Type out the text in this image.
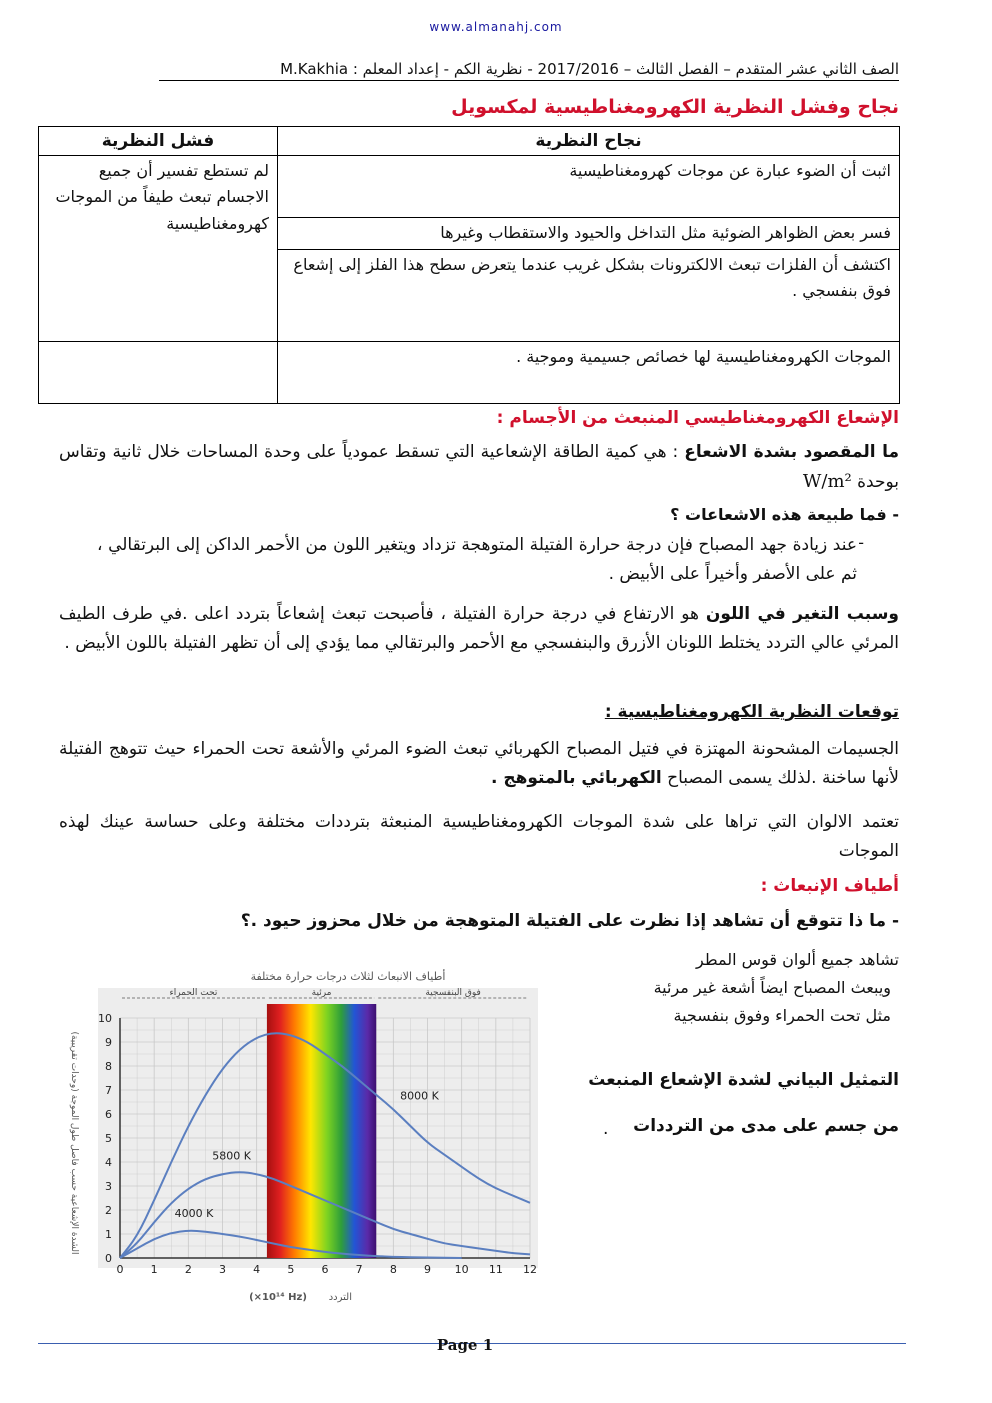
www.almanahj.com
الصف الثاني عشر المتقدم – الفصل الثالث – 2017/2016 - نظرية الكم - إعداد المعلم : M.Kakhia
نجاح وفشل النظرية الكهرومغناطيسية لمكسويل
فشل النظرية	نجاح النظرية
لم تستطع تفسير أن جميع الاجسام تبعث طيفاً من الموجات كهرومغناطيسية	اثبت أن الضوء عبارة عن موجات كهرومغناطيسية
	فسر بعض الظواهر الضوئية مثل التداخل والحيود والاستقطاب وغيرها
	اكتشف أن الفلزات تبعث الالكترونات بشكل غريب عندما يتعرض سطح هذا الفلز إلى إشعاع فوق بنفسجي .
	الموجات الكهرومغناطيسية لها خصائص جسيمية وموجية .
الإشعاع الكهرومغناطيسي المنبعث من الأجسام :
ما المقصود بشدة الاشعاع : هي كمية الطاقة الإشعاعية التي تسقط عمودياً على وحدة المساحات خلال ثانية وتقاس بوحدة W/m²
- فما طبيعة هذه الاشعاعات ؟
عند زيادة جهد المصباح فإن درجة حرارة الفتيلة المتوهجة تزداد ويتغير اللون من الأحمر الداكن إلى البرتقالي ، ثم على الأصفر وأخيراً على الأبيض .
-
وسبب التغير في اللون هو الارتفاع في درجة حرارة الفتيلة ، فأصبحت تبعث إشعاعاً بتردد اعلى .في طرف الطيف المرئي عالي التردد يختلط اللونان الأزرق والبنفسجي مع الأحمر والبرتقالي مما يؤدي إلى أن تظهر الفتيلة باللون الأبيض .
توقعات النظرية الكهرومغناطيسية :
الجسيمات المشحونة المهتزة في فتيل المصباح الكهربائي تبعث الضوء المرئي والأشعة تحت الحمراء حيث تتوهج الفتيلة لأنها ساخنة .لذلك يسمى المصباح الكهربائي بالمتوهج .
تعتمد الالوان التي تراها على شدة الموجات الكهرومغناطيسية المنبعثة بترددات مختلفة وعلى حساسة عينك لهذه الموجات
أطياف الإنبعاث :
- ما ذا تتوقع أن تشاهد إذا نظرت على الفتيلة المتوهجة من خلال محزوز حيود .؟
تشاهد جميع ألوان قوس المطر
ويبعث المصباح ايضاً أشعة غير مرئية
مثل تحت الحمراء وفوق بنفسجية
التمثيل البياني لشدة الإشعاع المنبعث
من جسم على مدى من الترددات
.
تحت الحمراء	مرئية	فوق البنفسجية
8000 K
5800 K
4000 K
0 1 2 3 4 5 6 7 8 9 10 11 12
0
1
2
3
4
5
6
7
8
9
10
أطياف الانبعاث لثلاث درجات حرارة مختلفة
التردد
(×10¹⁴ Hz)
الشدة الإشعاعية حسب فاصل طول الموجة (وحدات تقريبية)
Page 1
